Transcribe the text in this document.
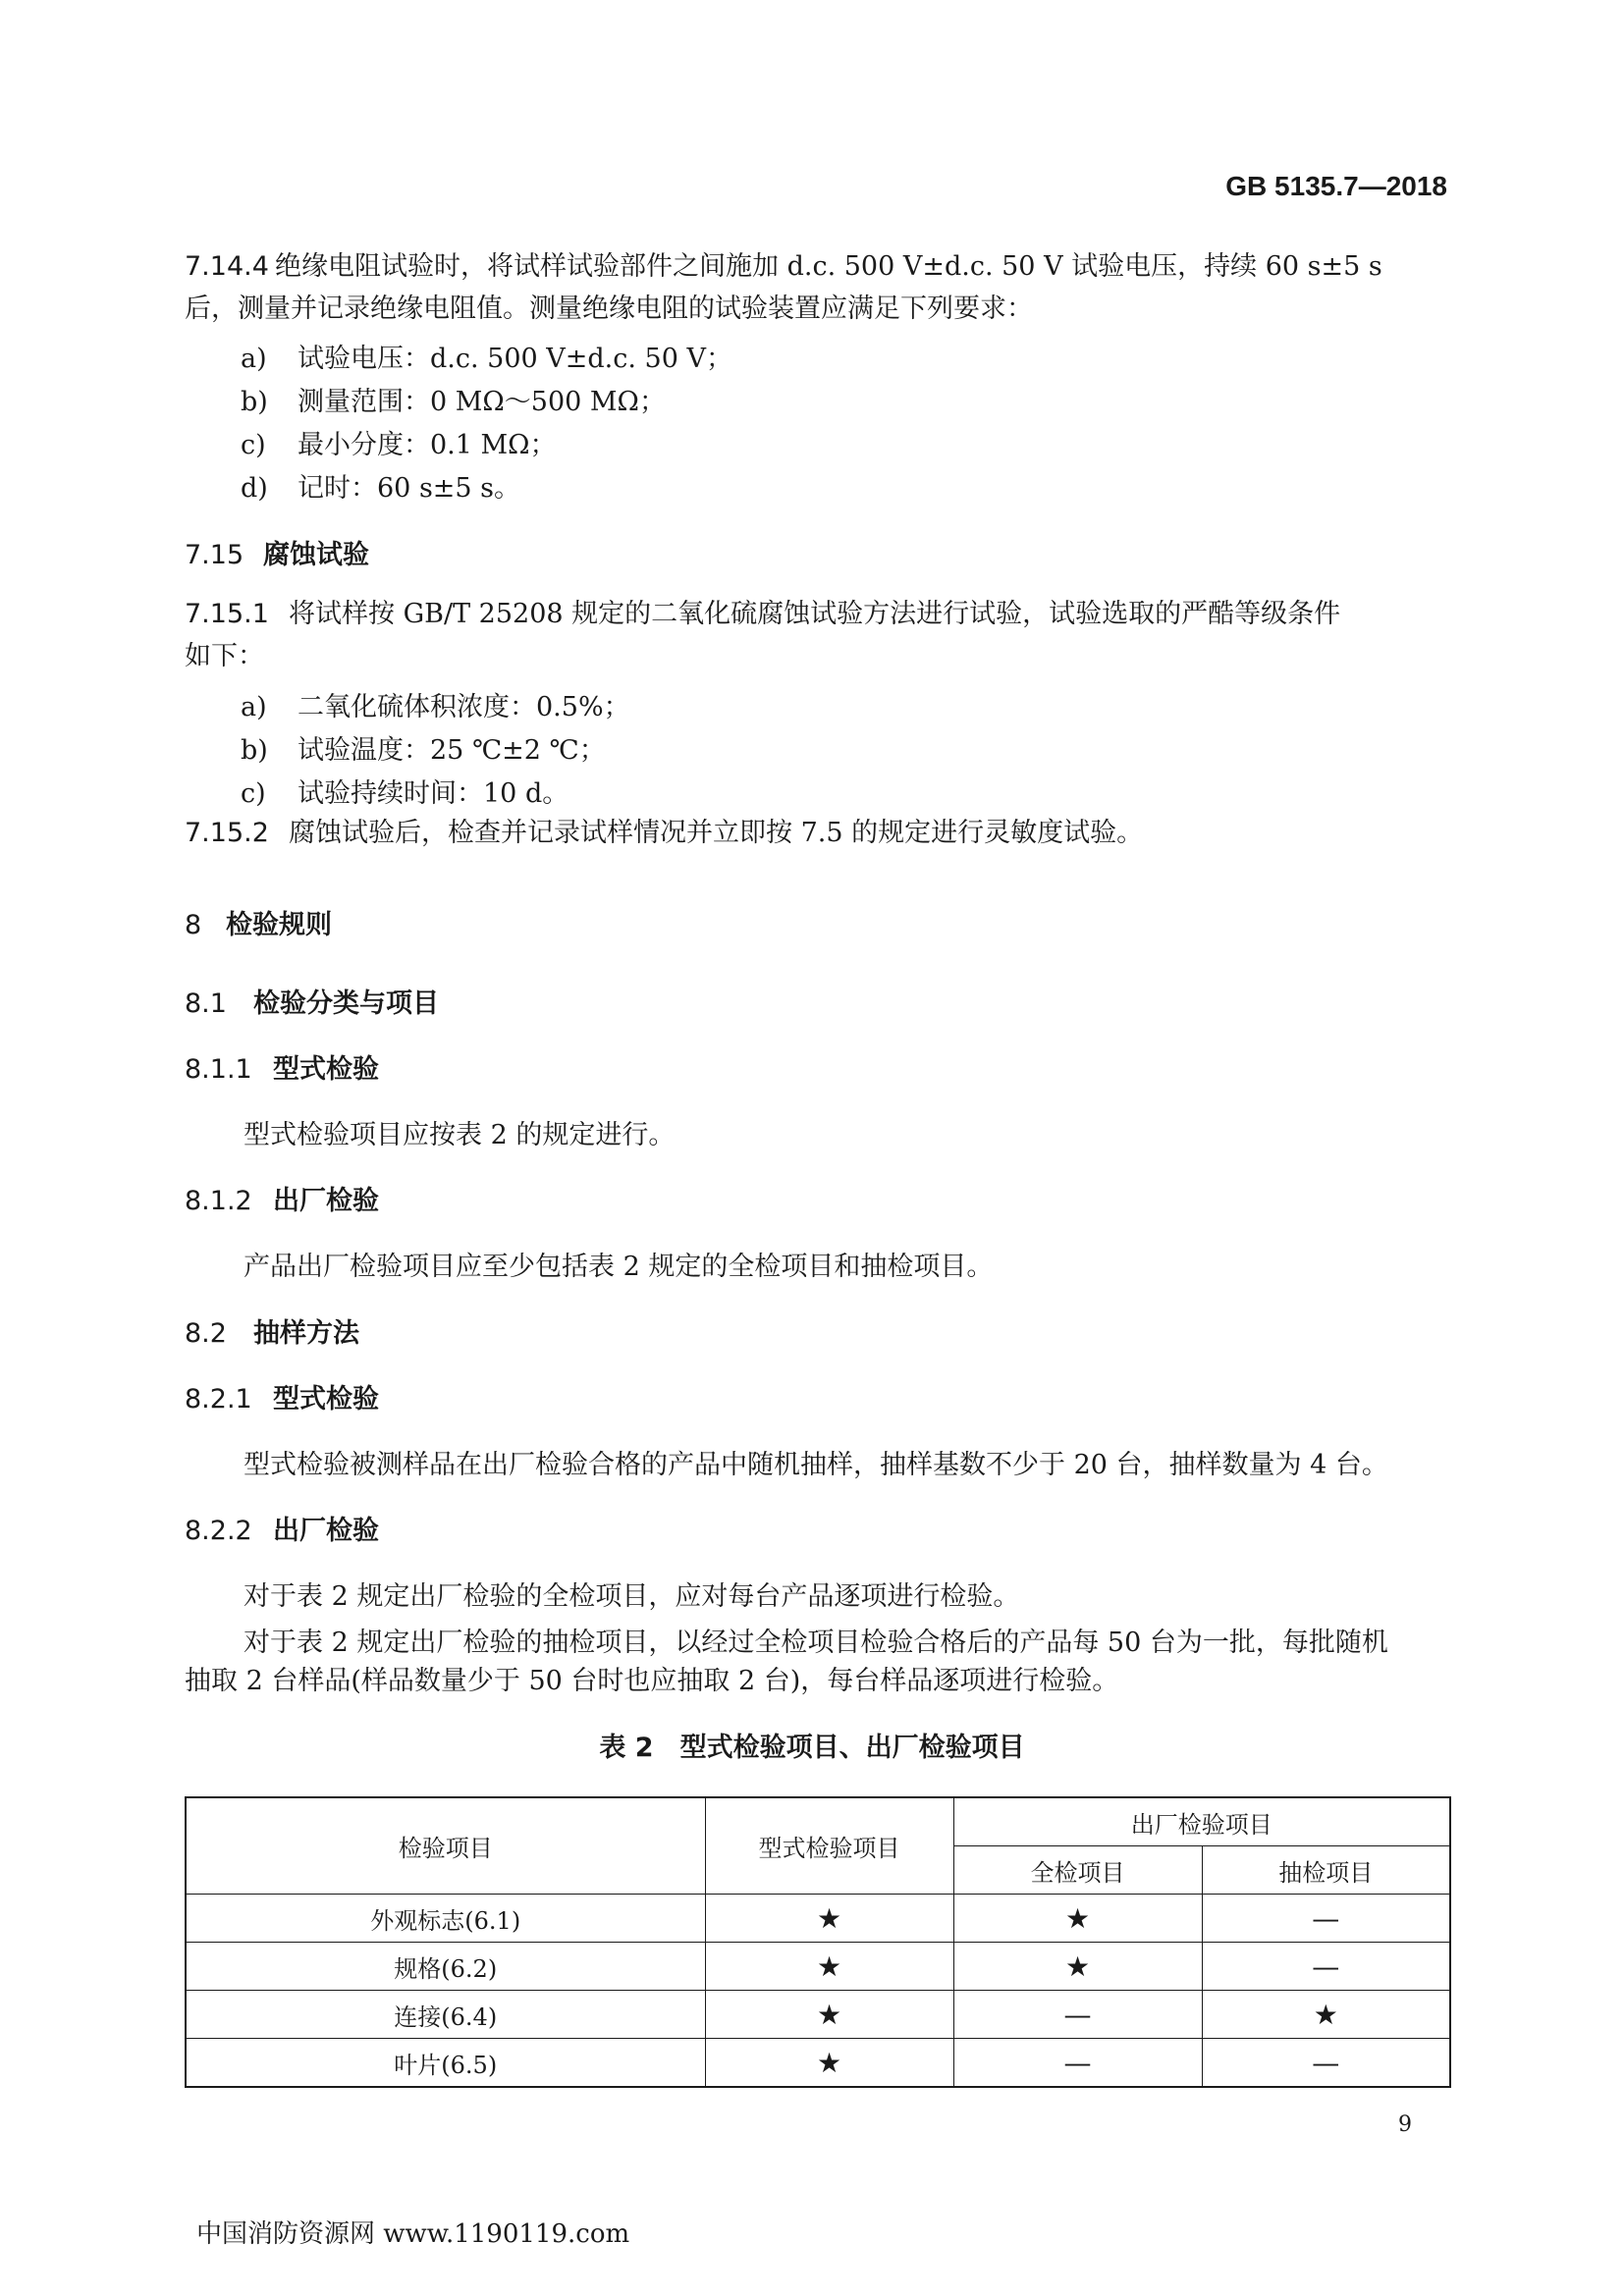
GB 5135.7—2018
7.14.4 绝缘电阻试验时，将试样试验部件之间施加 d.c. 500 V±d.c. 50 V 试验电压，持续 60 s±5 s
后，测量并记录绝缘电阻值。测量绝缘电阻的试验装置应满足下列要求：
a) 试验电压：d.c. 500 V±d.c. 50 V；
b) 测量范围：0 MΩ～500 MΩ；
c) 最小分度：0.1 MΩ；
d) 记时：60 s±5 s。
7.15 腐蚀试验
7.15.1 将试样按 GB/T 25208 规定的二氧化硫腐蚀试验方法进行试验，试验选取的严酷等级条件
如下：
a) 二氧化硫体积浓度：0.5%；
b) 试验温度：25 ℃±2 ℃；
c) 试验持续时间：10 d。
7.15.2 腐蚀试验后，检查并记录试样情况并立即按 7.5 的规定进行灵敏度试验。
8 检验规则
8.1 检验分类与项目
8.1.1 型式检验
型式检验项目应按表 2 的规定进行。
8.1.2 出厂检验
产品出厂检验项目应至少包括表 2 规定的全检项目和抽检项目。
8.2 抽样方法
8.2.1 型式检验
型式检验被测样品在出厂检验合格的产品中随机抽样，抽样基数不少于 20 台，抽样数量为 4 台。
8.2.2 出厂检验
对于表 2 规定出厂检验的全检项目，应对每台产品逐项进行检验。
对于表 2 规定出厂检验的抽检项目，以经过全检项目检验合格后的产品每 50 台为一批，每批随机
抽取 2 台样品(样品数量少于 50 台时也应抽取 2 台)，每台样品逐项进行检验。
表 2　型式检验项目、出厂检验项目
检验项目	型式检验项目	出厂检验项目	
		全检项目	抽检项目
外观标志(6.1)	★	★	—
规格(6.2)	★	★	—
连接(6.4)	★	—	★
叶片(6.5)	★	—	—
9
中国消防资源网 www.1190119.com
